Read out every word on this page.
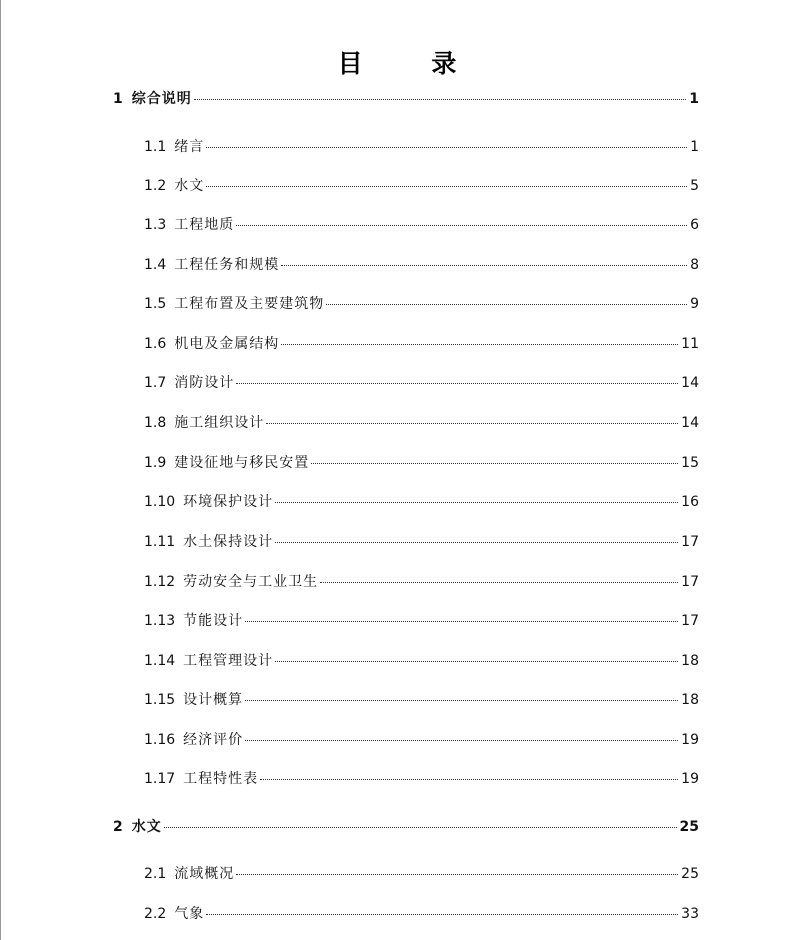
目 录
1 综合说明	1
1.1 绪言	1
1.2 水文	5
1.3 工程地质	6
1.4 工程任务和规模	8
1.5 工程布置及主要建筑物	9
1.6 机电及金属结构	11
1.7 消防设计	14
1.8 施工组织设计	14
1.9 建设征地与移民安置	15
1.10 环境保护设计	16
1.11 水土保持设计	17
1.12 劳动安全与工业卫生	17
1.13 节能设计	17
1.14 工程管理设计	18
1.15 设计概算	18
1.16 经济评价	19
1.17 工程特性表	19
2 水文	25
2.1 流域概况	25
2.2 气象	33
